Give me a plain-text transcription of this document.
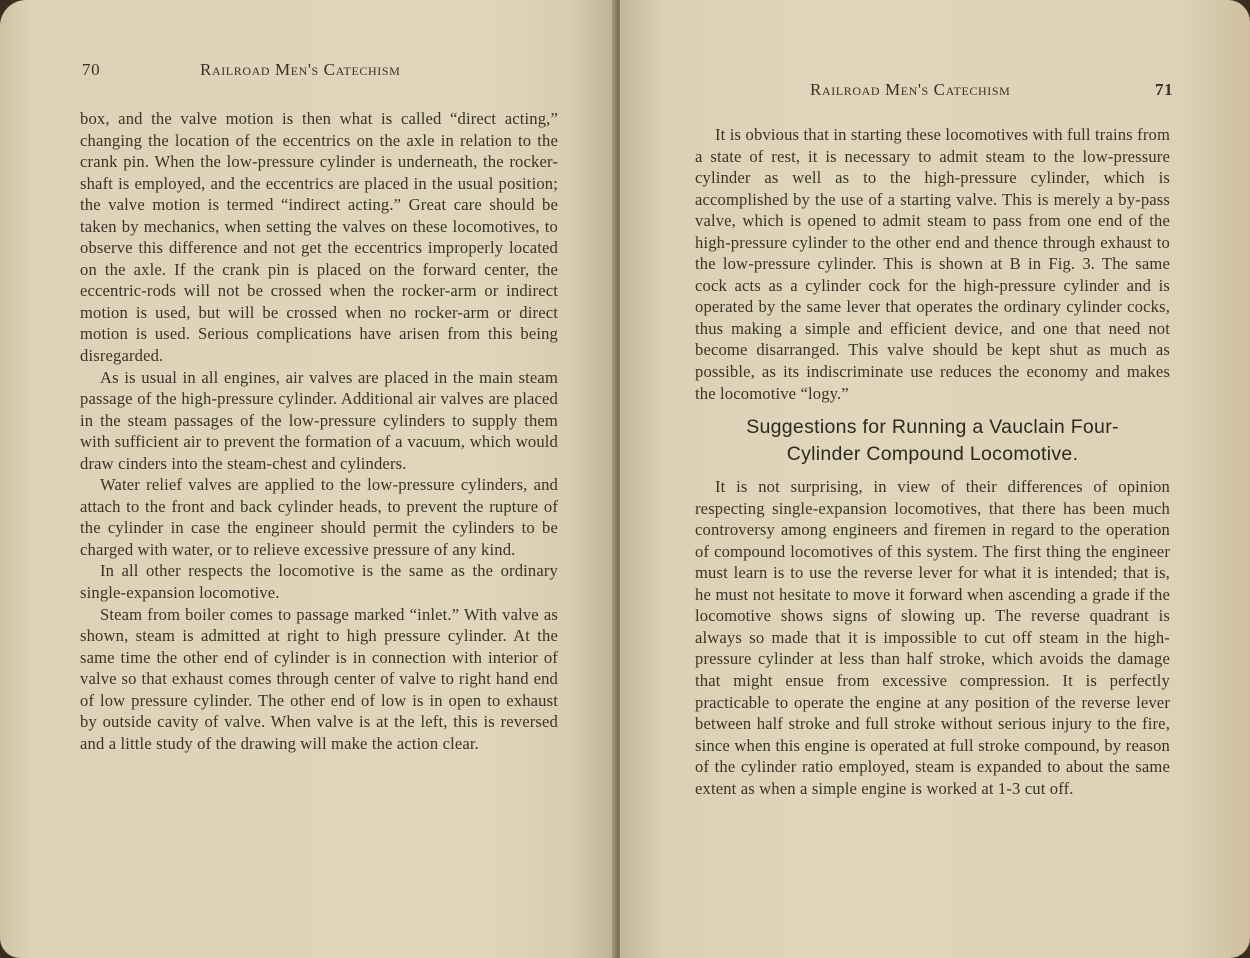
70	Railroad Men's Catechism

box, and the valve motion is then what is called “direct acting,” changing the location of the eccentrics on the axle in relation to the crank pin. When the low-pressure cylinder is underneath, the rocker-shaft is employed, and the eccentrics are placed in the usual position; the valve motion is termed “indirect acting.” Great care should be taken by mechanics, when setting the valves on these locomotives, to observe this difference and not get the eccentrics improperly located on the axle. If the crank pin is placed on the forward center, the eccentric-rods will not be crossed when the rocker-arm or indirect motion is used, but will be crossed when no rocker-arm or direct motion is used. Serious complications have arisen from this being disregarded.

As is usual in all engines, air valves are placed in the main steam passage of the high-pressure cylinder. Additional air valves are placed in the steam passages of the low-pressure cylinders to supply them with sufficient air to prevent the formation of a vacuum, which would draw cinders into the steam-chest and cylinders.

Water relief valves are applied to the low-pressure cylinders, and attach to the front and back cylinder heads, to prevent the rupture of the cylinder in case the engineer should permit the cylinders to be charged with water, or to relieve excessive pressure of any kind.

In all other respects the locomotive is the same as the ordinary single-expansion locomotive.

Steam from boiler comes to passage marked “inlet.” With valve as shown, steam is admitted at right to high pressure cylinder. At the same time the other end of cylinder is in connection with interior of valve so that exhaust comes through center of valve to right hand end of low pressure cylinder. The other end of low is in open to exhaust by outside cavity of valve. When valve is at the left, this is reversed and a little study of the drawing will make the action clear.

Railroad Men's Catechism	71

It is obvious that in starting these locomotives with full trains from a state of rest, it is necessary to admit steam to the low-pressure cylinder as well as to the high-pressure cylinder, which is accomplished by the use of a starting valve. This is merely a by-pass valve, which is opened to admit steam to pass from one end of the high-pressure cylinder to the other end and thence through exhaust to the low-pressure cylinder. This is shown at B in Fig. 3. The same cock acts as a cylinder cock for the high-pressure cylinder and is operated by the same lever that operates the ordinary cylinder cocks, thus making a simple and efficient device, and one that need not become disarranged. This valve should be kept shut as much as possible, as its indiscriminate use reduces the economy and makes the locomotive “logy.”

Suggestions for Running a Vauclain Four-
Cylinder Compound Locomotive.

It is not surprising, in view of their differences of opinion respecting single-expansion locomotives, that there has been much controversy among engineers and firemen in regard to the operation of compound locomotives of this system. The first thing the engineer must learn is to use the reverse lever for what it is intended; that is, he must not hesitate to move it forward when ascending a grade if the locomotive shows signs of slowing up. The reverse quadrant is always so made that it is impossible to cut off steam in the high-pressure cylinder at less than half stroke, which avoids the damage that might ensue from excessive compression. It is perfectly practicable to operate the engine at any position of the reverse lever between half stroke and full stroke without serious injury to the fire, since when this engine is operated at full stroke compound, by reason of the cylinder ratio employed, steam is expanded to about the same extent as when a simple engine is worked at 1-3 cut off.
